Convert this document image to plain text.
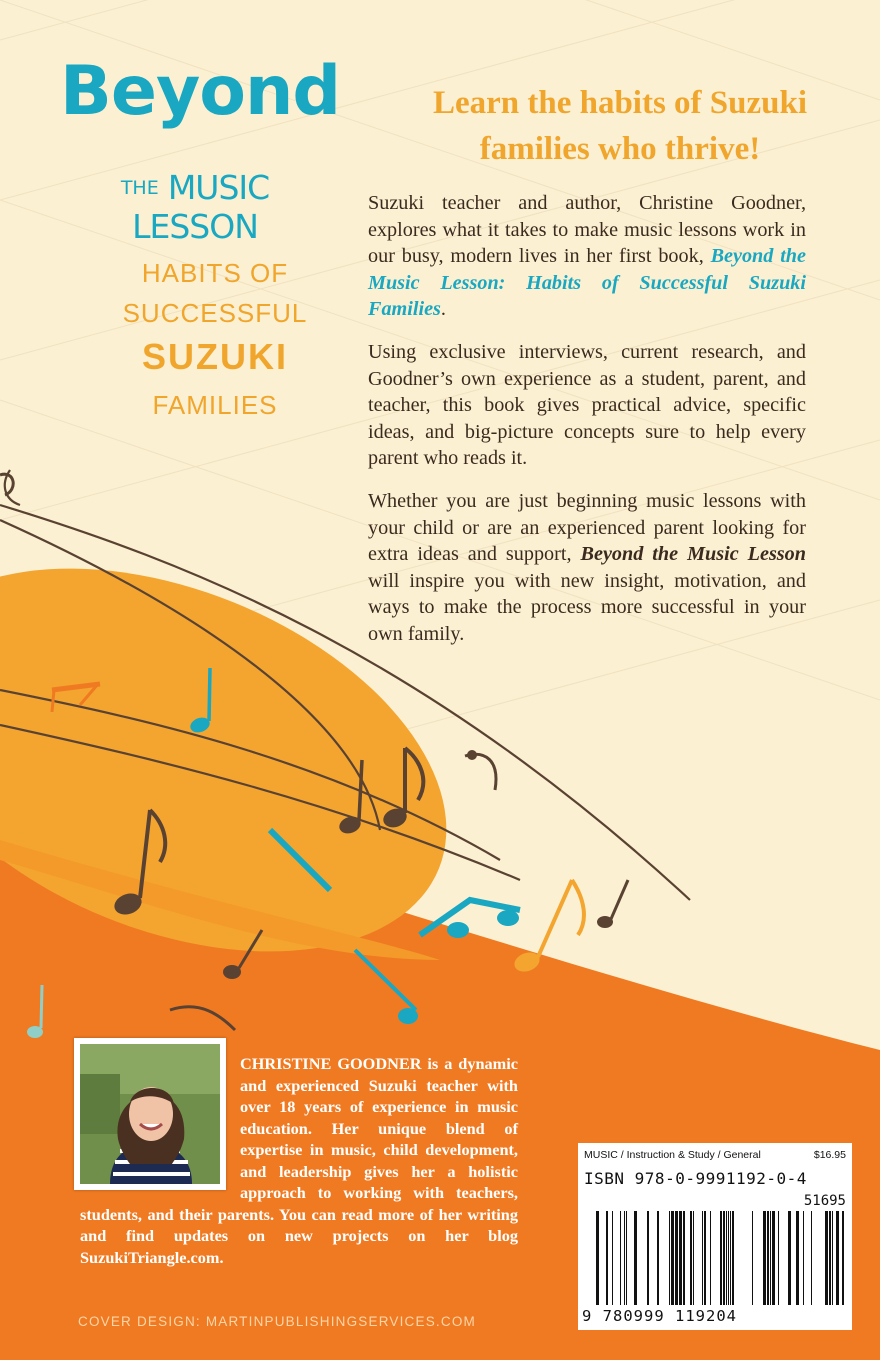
Beyond
THE MUSIC LESSON
HABITS OF
SUCCESSFUL
SUZUKI
FAMILIES
Learn the habits of Suzuki
families who thrive!

Suzuki teacher and author, Christine Goodner, explores what it takes to make music lessons work in our busy, modern lives in her first book, Beyond the Music Lesson: Habits of Successful Suzuki Families.

Using exclusive interviews, current research, and Goodner’s own experience as a student, parent, and teacher, this book gives practical advice, specific ideas, and big-picture concepts sure to help every parent who reads it.

Whether you are just beginning music lessons with your child or are an experienced parent looking for extra ideas and support, Beyond the Music Lesson will inspire you with new insight, motivation, and ways to make the process more successful in your own family.

CHRISTINE GOODNER is a dynamic and experienced Suzuki teacher with over 18 years of experience in music education. Her unique blend of expertise in music, child development, and leadership gives her a holistic approach to working with teachers, students, and their parents. You can read more of her writing and find updates on new projects on her blog SuzukiTriangle.com.
COVER DESIGN: MARTINPUBLISHINGSERVICES.COM
MUSIC / Instruction & Study / General	$16.95
ISBN 978-0-9991192-0-4
51695
9 780999 119204
